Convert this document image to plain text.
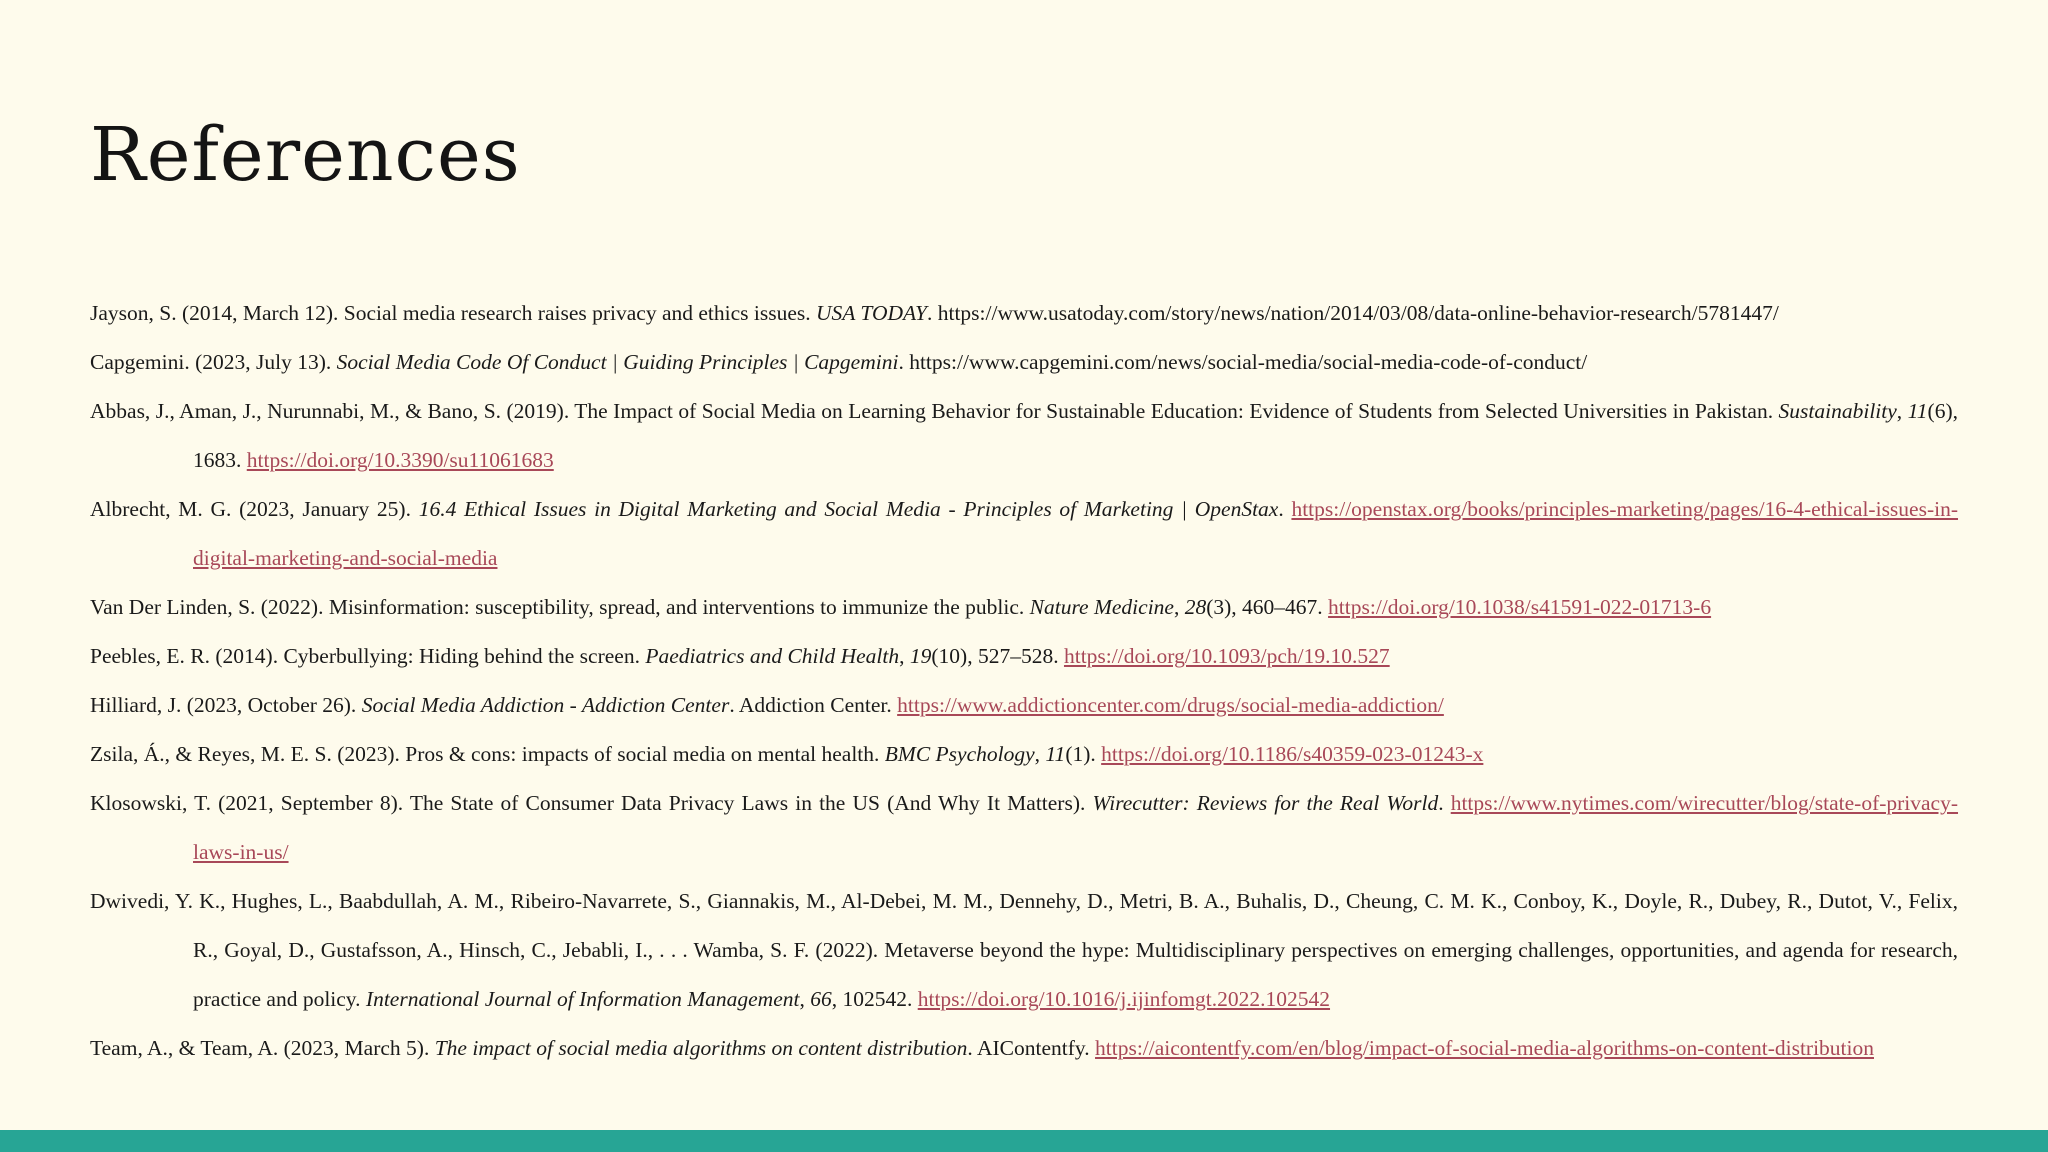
References

Jayson, S. (2014, March 12). Social media research raises privacy and ethics issues. USA TODAY. https://www.usatoday.com/story/news/nation/2014/03/08/data-online-behavior-research/5781447/

Capgemini. (2023, July 13). Social Media Code Of Conduct | Guiding Principles | Capgemini. https://www.capgemini.com/news/social-media/social-media-code-of-conduct/

Abbas, J., Aman, J., Nurunnabi, M., & Bano, S. (2019). The Impact of Social Media on Learning Behavior for Sustainable Education: Evidence of Students from Selected Universities in Pakistan. Sustainability, 11(6), 1683. https://doi.org/10.3390/su11061683

Albrecht, M. G. (2023, January 25). 16.4 Ethical Issues in Digital Marketing and Social Media - Principles of Marketing | OpenStax. https://openstax.org/books/principles-marketing/pages/16-4-ethical-issues-in-digital-marketing-and-social-media

Van Der Linden, S. (2022). Misinformation: susceptibility, spread, and interventions to immunize the public. Nature Medicine, 28(3), 460–467. https://doi.org/10.1038/s41591-022-01713-6

Peebles, E. R. (2014). Cyberbullying: Hiding behind the screen. Paediatrics and Child Health, 19(10), 527–528. https://doi.org/10.1093/pch/19.10.527

Hilliard, J. (2023, October 26). Social Media Addiction - Addiction Center. Addiction Center. https://www.addictioncenter.com/drugs/social-media-addiction/

Zsila, Á., & Reyes, M. E. S. (2023). Pros & cons: impacts of social media on mental health. BMC Psychology, 11(1). https://doi.org/10.1186/s40359-023-01243-x

Klosowski, T. (2021, September 8). The State of Consumer Data Privacy Laws in the US (And Why It Matters). Wirecutter: Reviews for the Real World. https://www.nytimes.com/wirecutter/blog/state-of-privacy-laws-in-us/

Dwivedi, Y. K., Hughes, L., Baabdullah, A. M., Ribeiro-Navarrete, S., Giannakis, M., Al-Debei, M. M., Dennehy, D., Metri, B. A., Buhalis, D., Cheung, C. M. K., Conboy, K., Doyle, R., Dubey, R., Dutot, V., Felix, R., Goyal, D., Gustafsson, A., Hinsch, C., Jebabli, I., . . . Wamba, S. F. (2022). Metaverse beyond the hype: Multidisciplinary perspectives on emerging challenges, opportunities, and agenda for research, practice and policy. International Journal of Information Management, 66, 102542. https://doi.org/10.1016/j.ijinfomgt.2022.102542

Team, A., & Team, A. (2023, March 5). The impact of social media algorithms on content distribution. AIContentfy. https://aicontentfy.com/en/blog/impact-of-social-media-algorithms-on-content-distribution
